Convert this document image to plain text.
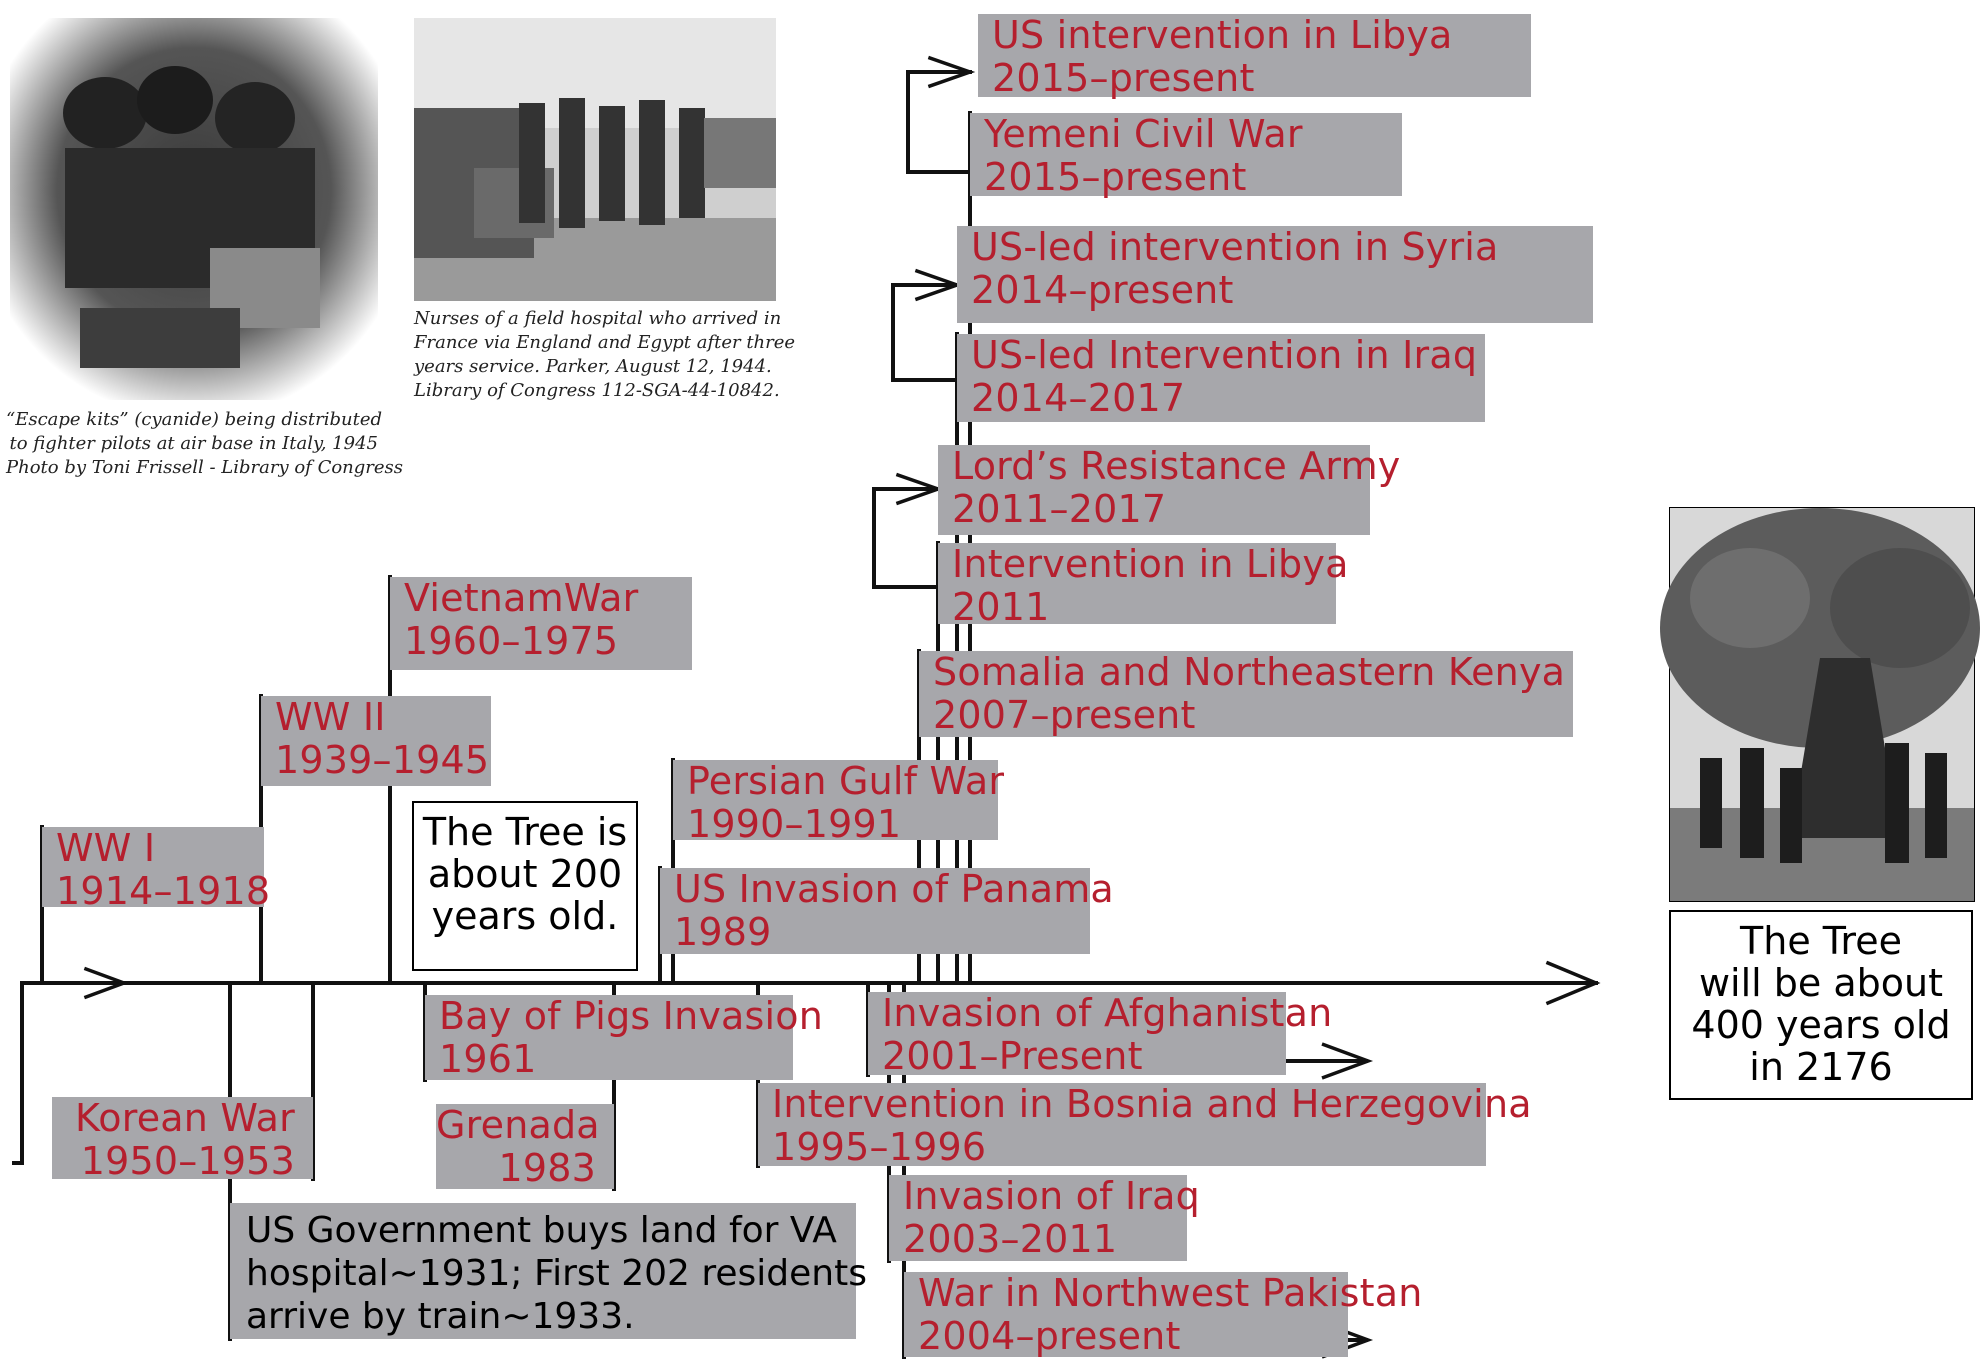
“Escape kits” (cyanide) being distributed
to fighter pilots at air base in Italy, 1945
Photo by Toni Frissell - Library of Congress
Nurses of a field hospital who arrived in
France via England and Egypt after three
years service. Parker, August 12, 1944.
Library of Congress 112-SGA-44-10842.
WW I
1914–1918
WW II
1939–1945
VietnamWar
1960–1975
Persian Gulf War
1990–1991
US Invasion of Panama
1989
Somalia and Northeastern Kenya
2007–present
Intervention in Libya
2011
Lord’s Resistance Army
2011–2017
US-led Intervention in Iraq
2014–2017
US-led intervention in Syria
2014–present
Yemeni Civil War
2015–present
US intervention in Libya
2015–present
Korean War
1950–1953
Bay of Pigs Invasion
1961
Grenada
1983
Invasion of Afghanistan
2001–Present
Intervention in Bosnia and Herzegovina
1995–1996
Invasion of Iraq
2003–2011
War in Northwest Pakistan
2004–present
The Tree is
about 200
years old.
The Tree
will be about
400 years old
in 2176
US Government buys land for VA
hospital~1931; First 202 residents
arrive by train~1933.
